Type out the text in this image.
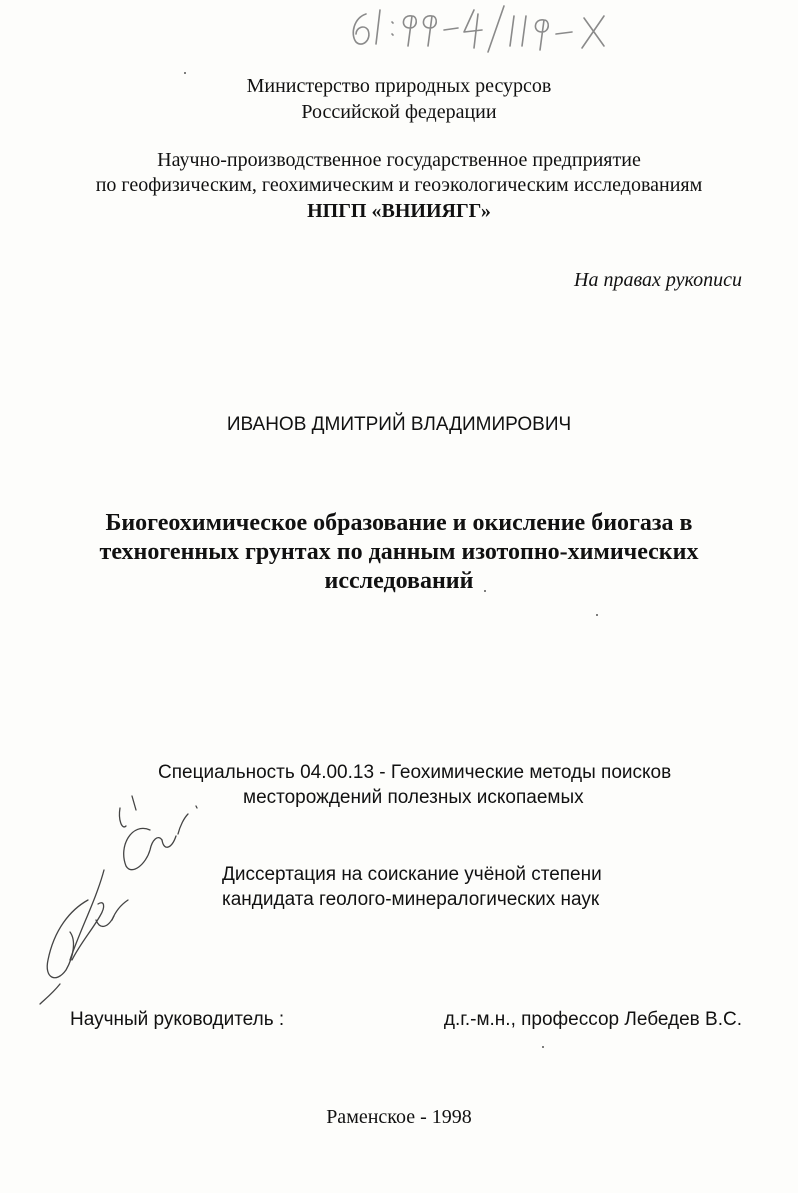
Министерство природных ресурсов
Российской федерации
Научно-производственное государственное предприятие
по геофизическим, геохимическим и геоэкологическим исследованиям
НПГП «ВНИИЯГГ»
На правах рукописи
ИВАНОВ ДМИТРИЙ ВЛАДИМИРОВИЧ
Биогеохимическое образование и окисление биогаза в
техногенных грунтах по данным изотопно-химических
исследований
Специальность 04.00.13 - Геохимические методы поисков
месторождений полезных ископаемых
Диссертация на соискание учёной степени
кандидата геолого-минералогических наук
Научный руководитель :	д.г.-м.н., профессор Лебедев В.С.
Раменское - 1998
